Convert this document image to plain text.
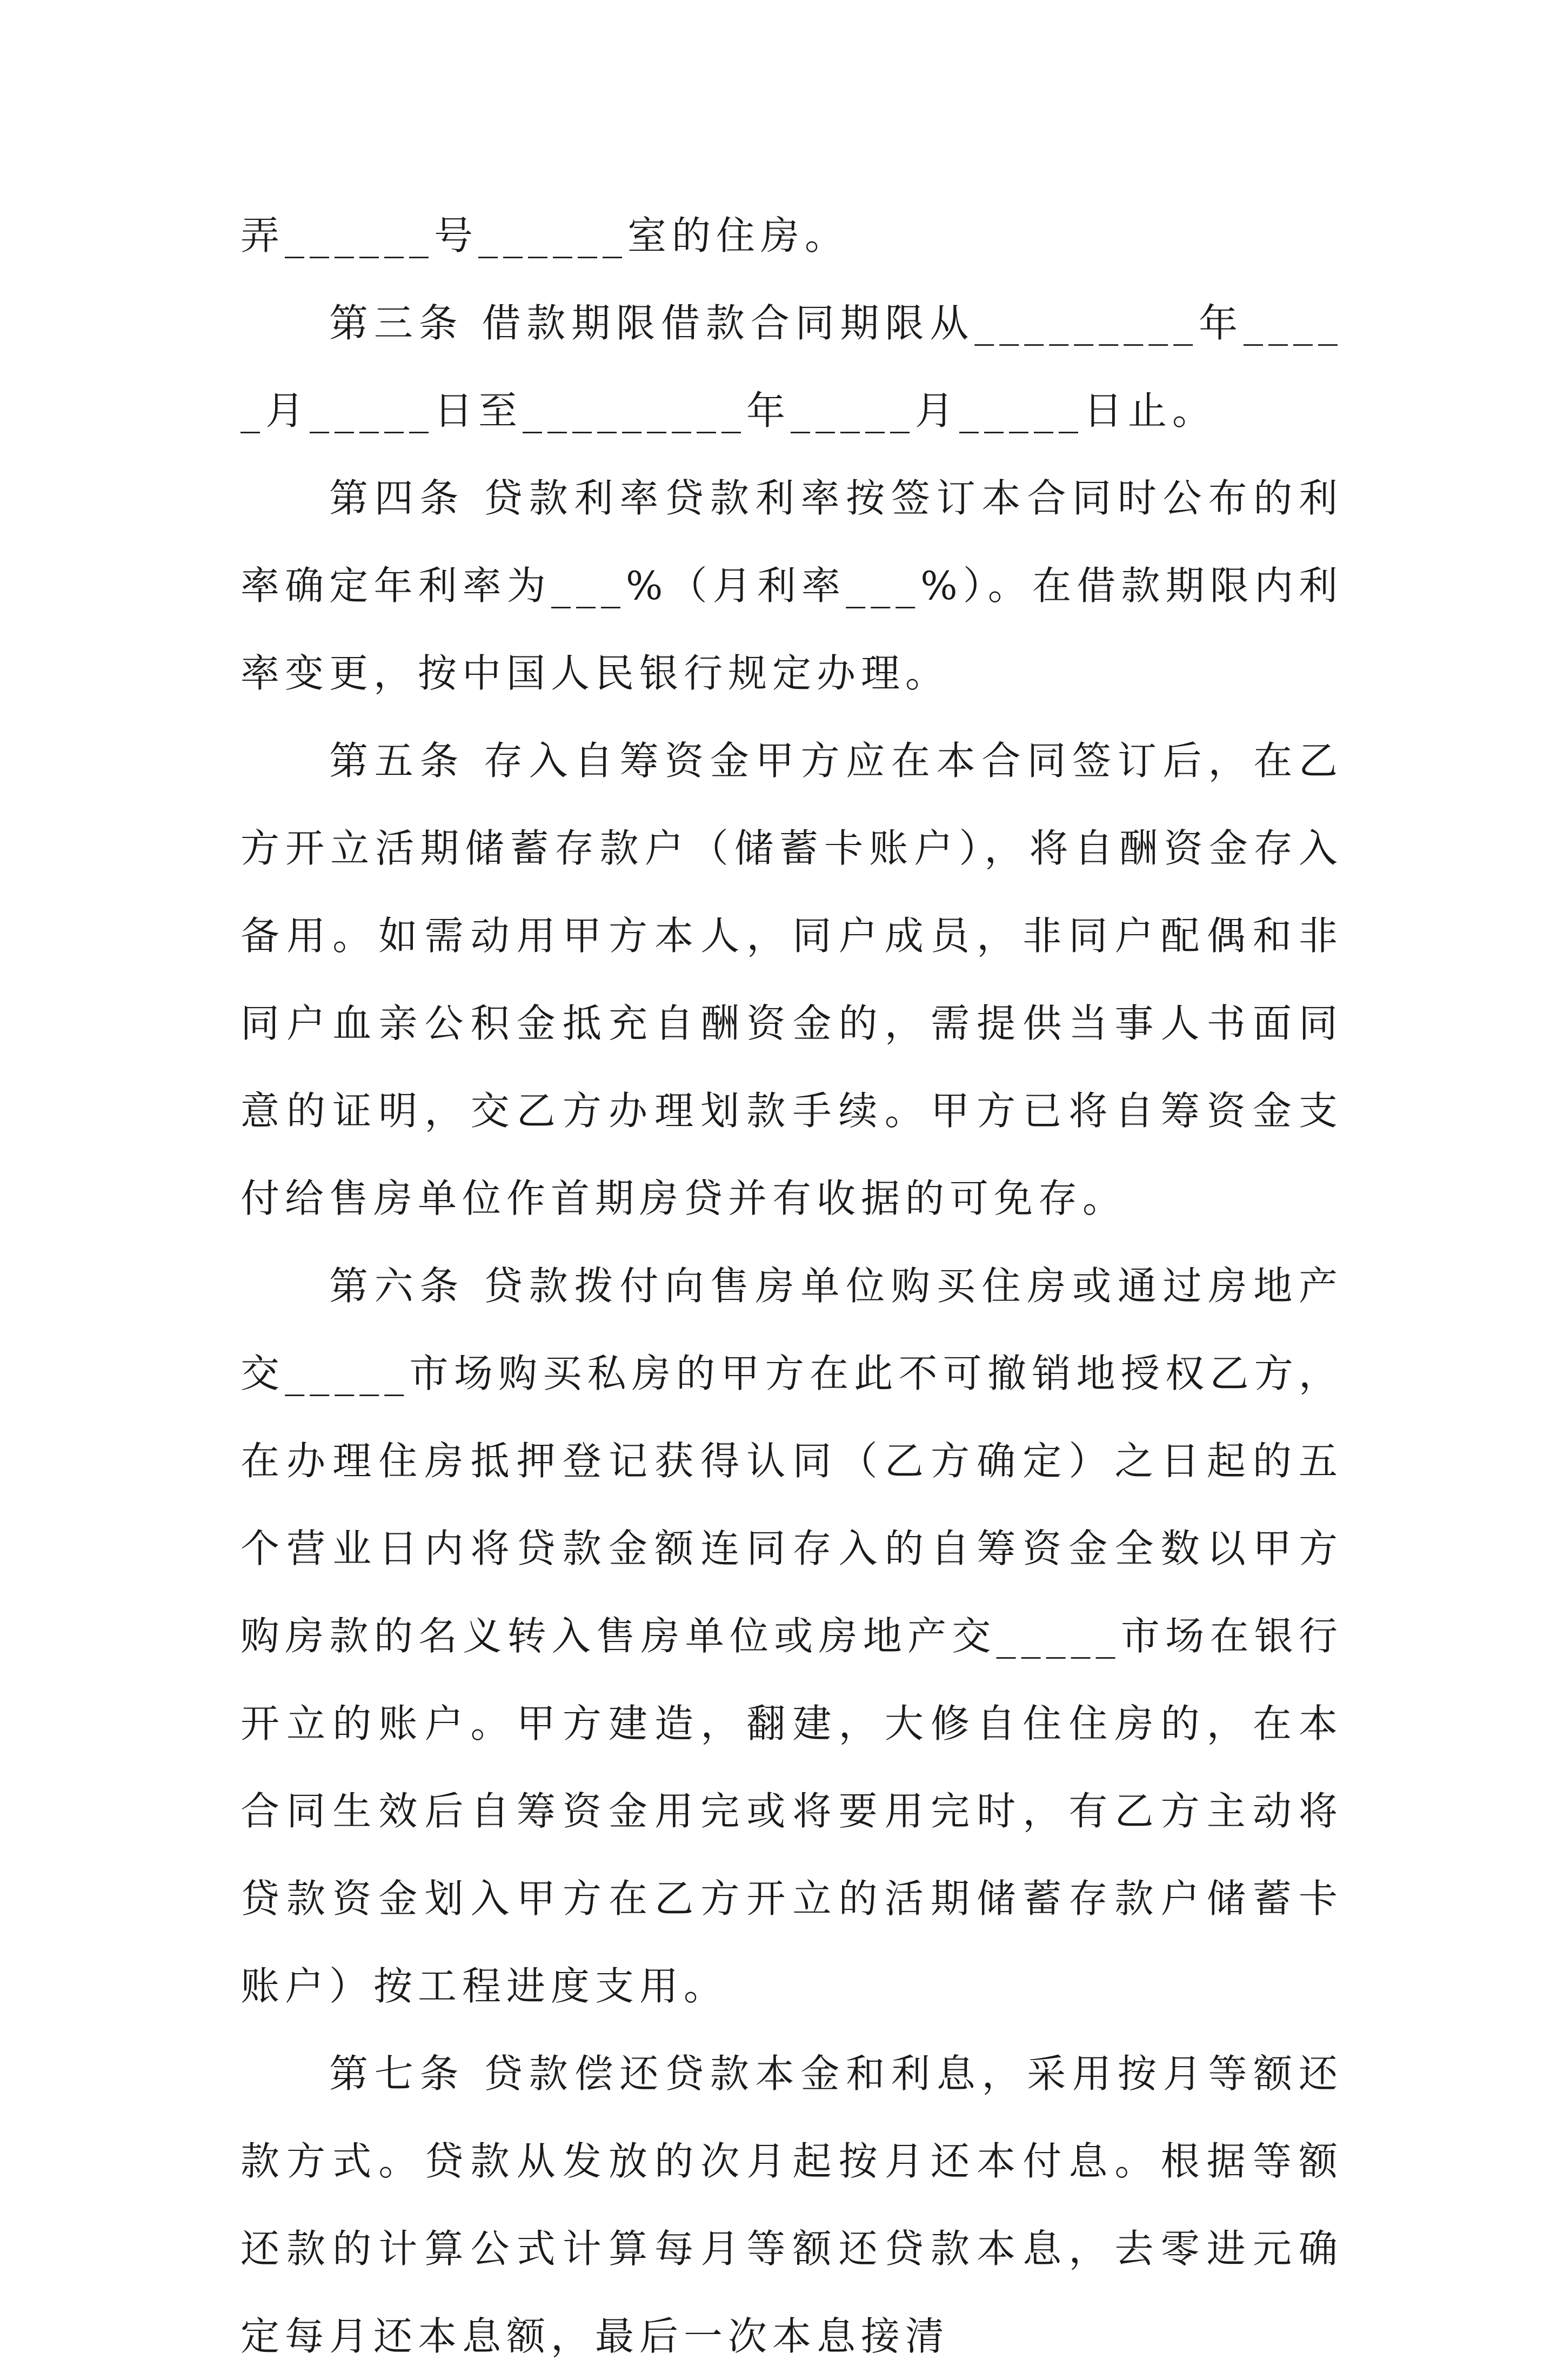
弄______号______室的住房。

第三条 借款期限借款合同期限从_________年_____月_____日至_________年_____月_____日止。

第四条 贷款利率贷款利率按签订本合同时公布的利率确定年利率为___%（月利率___%）。在借款期限内利率变更，按中国人民银行规定办理。

第五条 存入自筹资金甲方应在本合同签订后，在乙方开立活期储蓄存款户（储蓄卡账户），将自酬资金存入备用。如需动用甲方本人，同户成员，非同户配偶和非同户血亲公积金抵充自酬资金的，需提供当事人书面同意的证明，交乙方办理划款手续。甲方已将自筹资金支付给售房单位作首期房贷并有收据的可免存。

第六条 贷款拨付向售房单位购买住房或通过房地产交_____市场购买私房的甲方在此不可撤销地授权乙方，在办理住房抵押登记获得认同（乙方确定）之日起的五个营业日内将贷款金额连同存入的自筹资金全数以甲方购房款的名义转入售房单位或房地产交_____市场在银行开立的账户。甲方建造，翻建，大修自住住房的，在本合同生效后自筹资金用完或将要用完时，有乙方主动将贷款资金划入甲方在乙方开立的活期储蓄存款户储蓄卡账户）按工程进度支用。

第七条 贷款偿还贷款本金和利息，采用按月等额还款方式。贷款从发放的次月起按月还本付息。根据等额还款的计算公式计算每月等额还贷款本息，去零进元确定每月还本息额，最后一次本息接清
